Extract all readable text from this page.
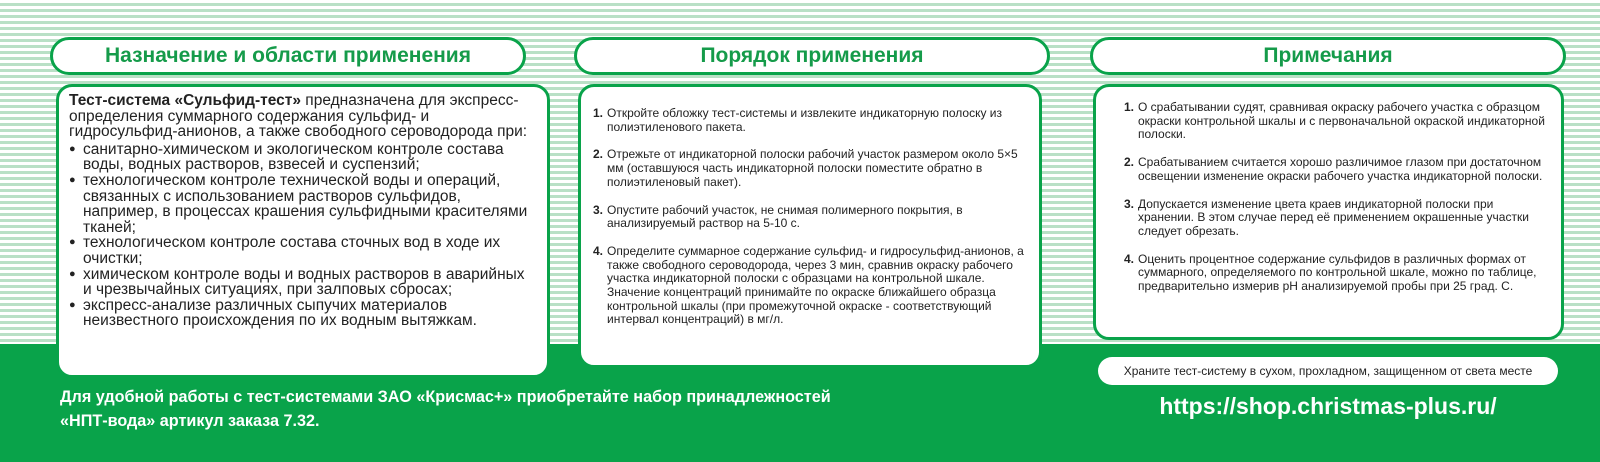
Назначение и области применения	Порядок применения	Примечания
Тест-система «Сульфид-тест» предназначена для экспресс-определения суммарного содержания сульфид- и гидросульфид-анионов, а также свободного сероводорода при:
● санитарно-химическом и экологическом контроле состава воды, водных растворов, взвесей и суспензий;
● технологическом контроле технической воды и операций, связанных с использованием растворов сульфидов, например, в процессах крашения сульфидными красителями тканей;
● технологическом контроле состава сточных вод в ходе их очистки;
● химическом контроле воды и водных растворов в аварийных и чрезвычайных ситуациях, при залповых сбросах;
● экспресс-анализе различных сыпучих материалов неизвестного происхождения по их водным вытяжкам.
1. Откройте обложку тест-системы и извлеките индикаторную полоску из полиэтиленового пакета.
2. Отрежьте от индикаторной полоски рабочий участок размером около 5×5 мм (оставшуюся часть индикаторной полоски поместите обратно в полиэтиленовый пакет).
3. Опустите рабочий участок, не снимая полимерного покрытия, в анализируемый раствор на 5-10 с.
4. Определите суммарное содержание сульфид- и гидросульфид-анионов, а также свободного сероводорода, через 3 мин, сравнив окраску рабочего участка индикаторной полоски с образцами на контрольной шкале.
Значение концентраций принимайте по окраске ближайшего образца контрольной шкалы (при промежуточной окраске - соответствующий интервал концентраций) в мг/л.
1. О срабатывании судят, сравнивая окраску рабочего участка с образцом окраски контрольной шкалы и с первоначальной окраской индикаторной полоски.
2. Срабатыванием считается хорошо различимое глазом при достаточном освещении изменение окраски рабочего участка индикаторной полоски.
3. Допускается изменение цвета краев индикаторной полоски при хранении. В этом случае перед её применением окрашенные участки следует обрезать.
4. Оценить процентное содержание сульфидов в различных формах от суммарного, определяемого по контрольной шкале, можно по таблице, предварительно измерив pH анализируемой пробы при 25 град. С.
Храните тест-систему в сухом, прохладном, защищенном от света месте
Для удобной работы с тест-системами ЗАО «Крисмас+» приобретайте набор принадлежностей
«НПТ-вода» артикул заказа 7.32.
https://shop.christmas-plus.ru/
